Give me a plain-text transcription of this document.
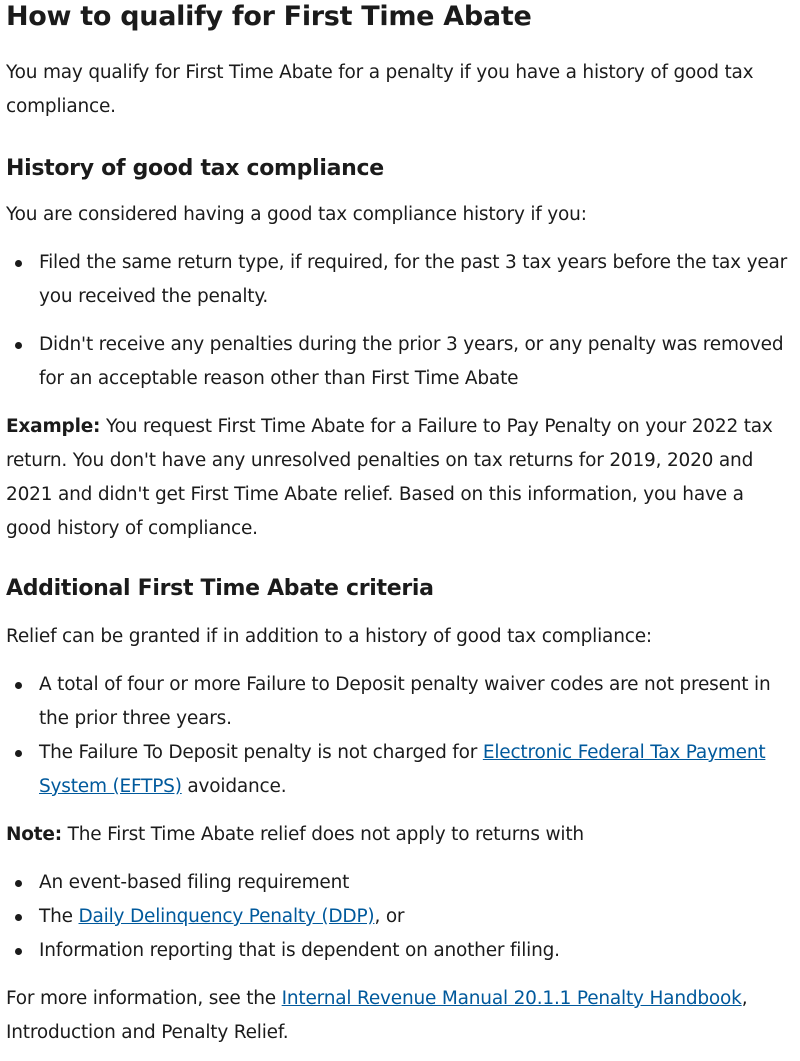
How to qualify for First Time Abate

You may qualify for First Time Abate for a penalty if you have a history of good tax compliance.

History of good tax compliance

You are considered having a good tax compliance history if you:

Filed the same return type, if required, for the past 3 tax years before the tax year you received the penalty.
Didn't receive any penalties during the prior 3 years, or any penalty was removed for an acceptable reason other than First Time Abate

Example: You request First Time Abate for a Failure to Pay Penalty on your 2022 tax return. You don't have any unresolved penalties on tax returns for 2019, 2020 and 2021 and didn't get First Time Abate relief. Based on this information, you have a good history of compliance.

Additional First Time Abate criteria

Relief can be granted if in addition to a history of good tax compliance:

A total of four or more Failure to Deposit penalty waiver codes are not present in the prior three years.
The Failure To Deposit penalty is not charged for Electronic Federal Tax Payment System (EFTPS) avoidance.

Note: The First Time Abate relief does not apply to returns with

An event-based filing requirement
The Daily Delinquency Penalty (DDP), or
Information reporting that is dependent on another filing.

For more information, see the Internal Revenue Manual 20.1.1 Penalty Handbook, Introduction and Penalty Relief.
